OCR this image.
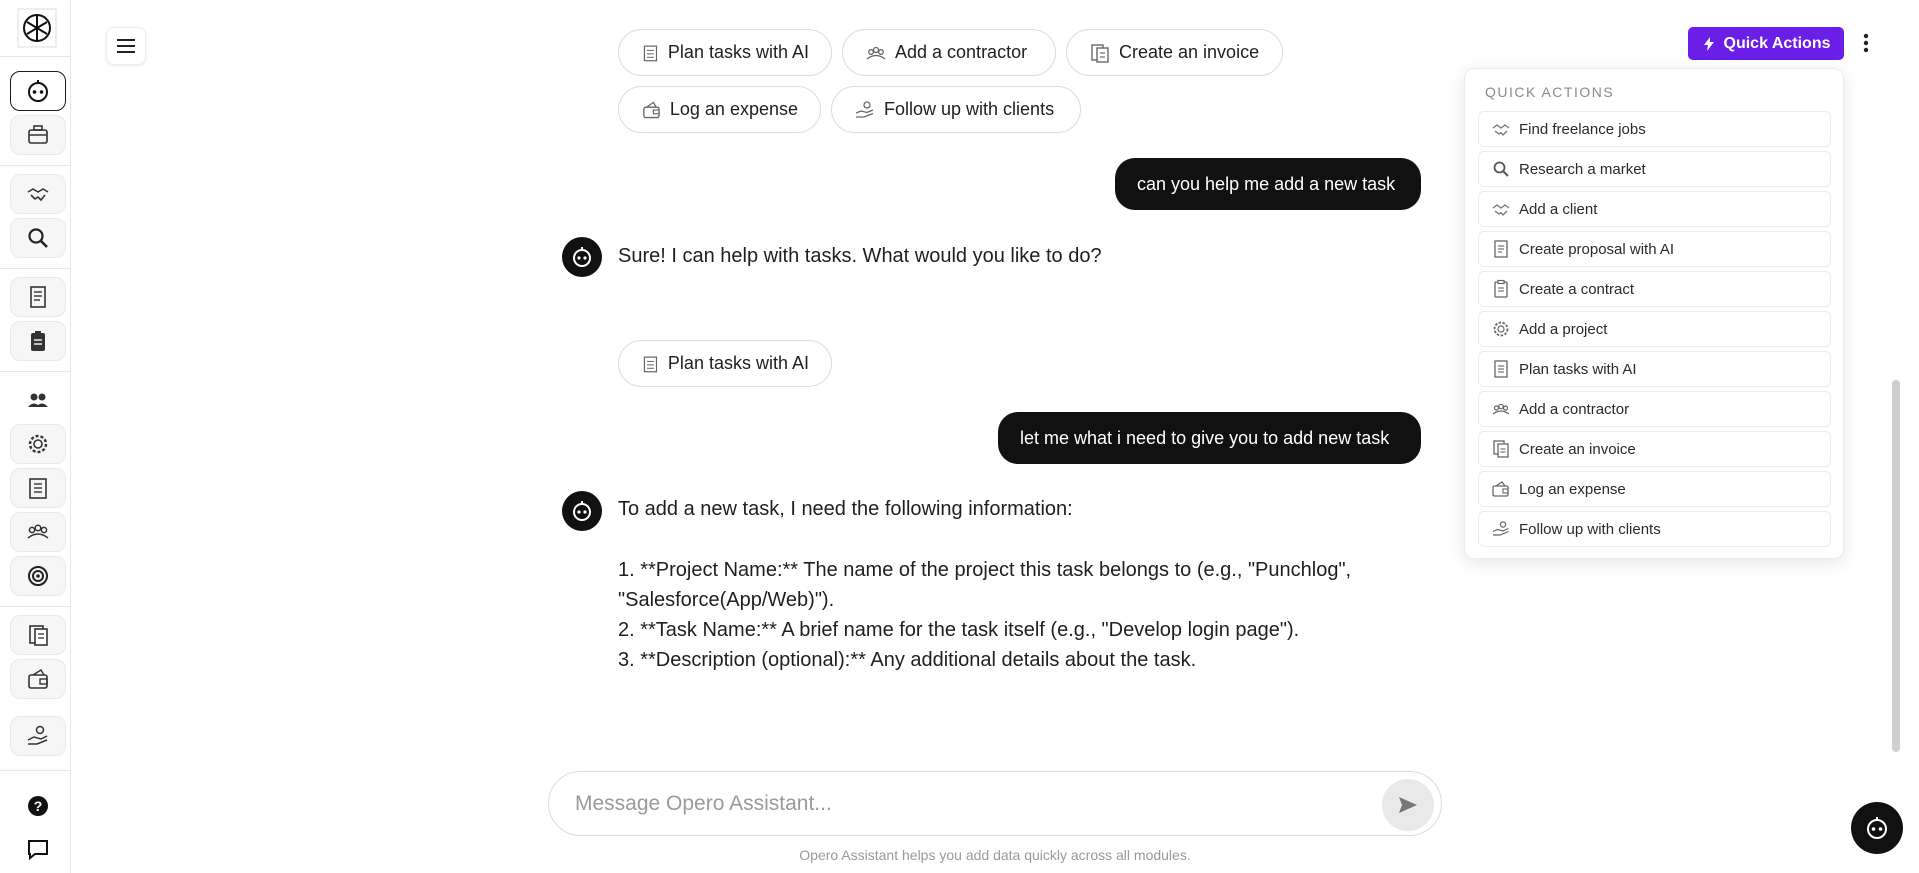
?
Plan tasks with AI	Add a contractor	Create an invoice
Log an expense	Follow up with clients
can you help me add a new task
Sure! I can help with tasks. What would you like to do?
Plan tasks with AI
let me what i need to give you to add new task
To add a new task, I need the following information:
1. **Project Name:** The name of the project this task belongs to (e.g., "Punchlog",
"Salesforce(App/Web)").
2. **Task Name:** A brief name for the task itself (e.g., "Develop login page").
3. **Description (optional):** Any additional details about the task.
Message Opero Assistant...
Opero Assistant helps you add data quickly across all modules.
Quick Actions
QUICK ACTIONS
Find freelance jobs
Research a market
Add a client
Create proposal with AI
Create a contract
Add a project
Plan tasks with AI
Add a contractor
Create an invoice
Log an expense
Follow up with clients
